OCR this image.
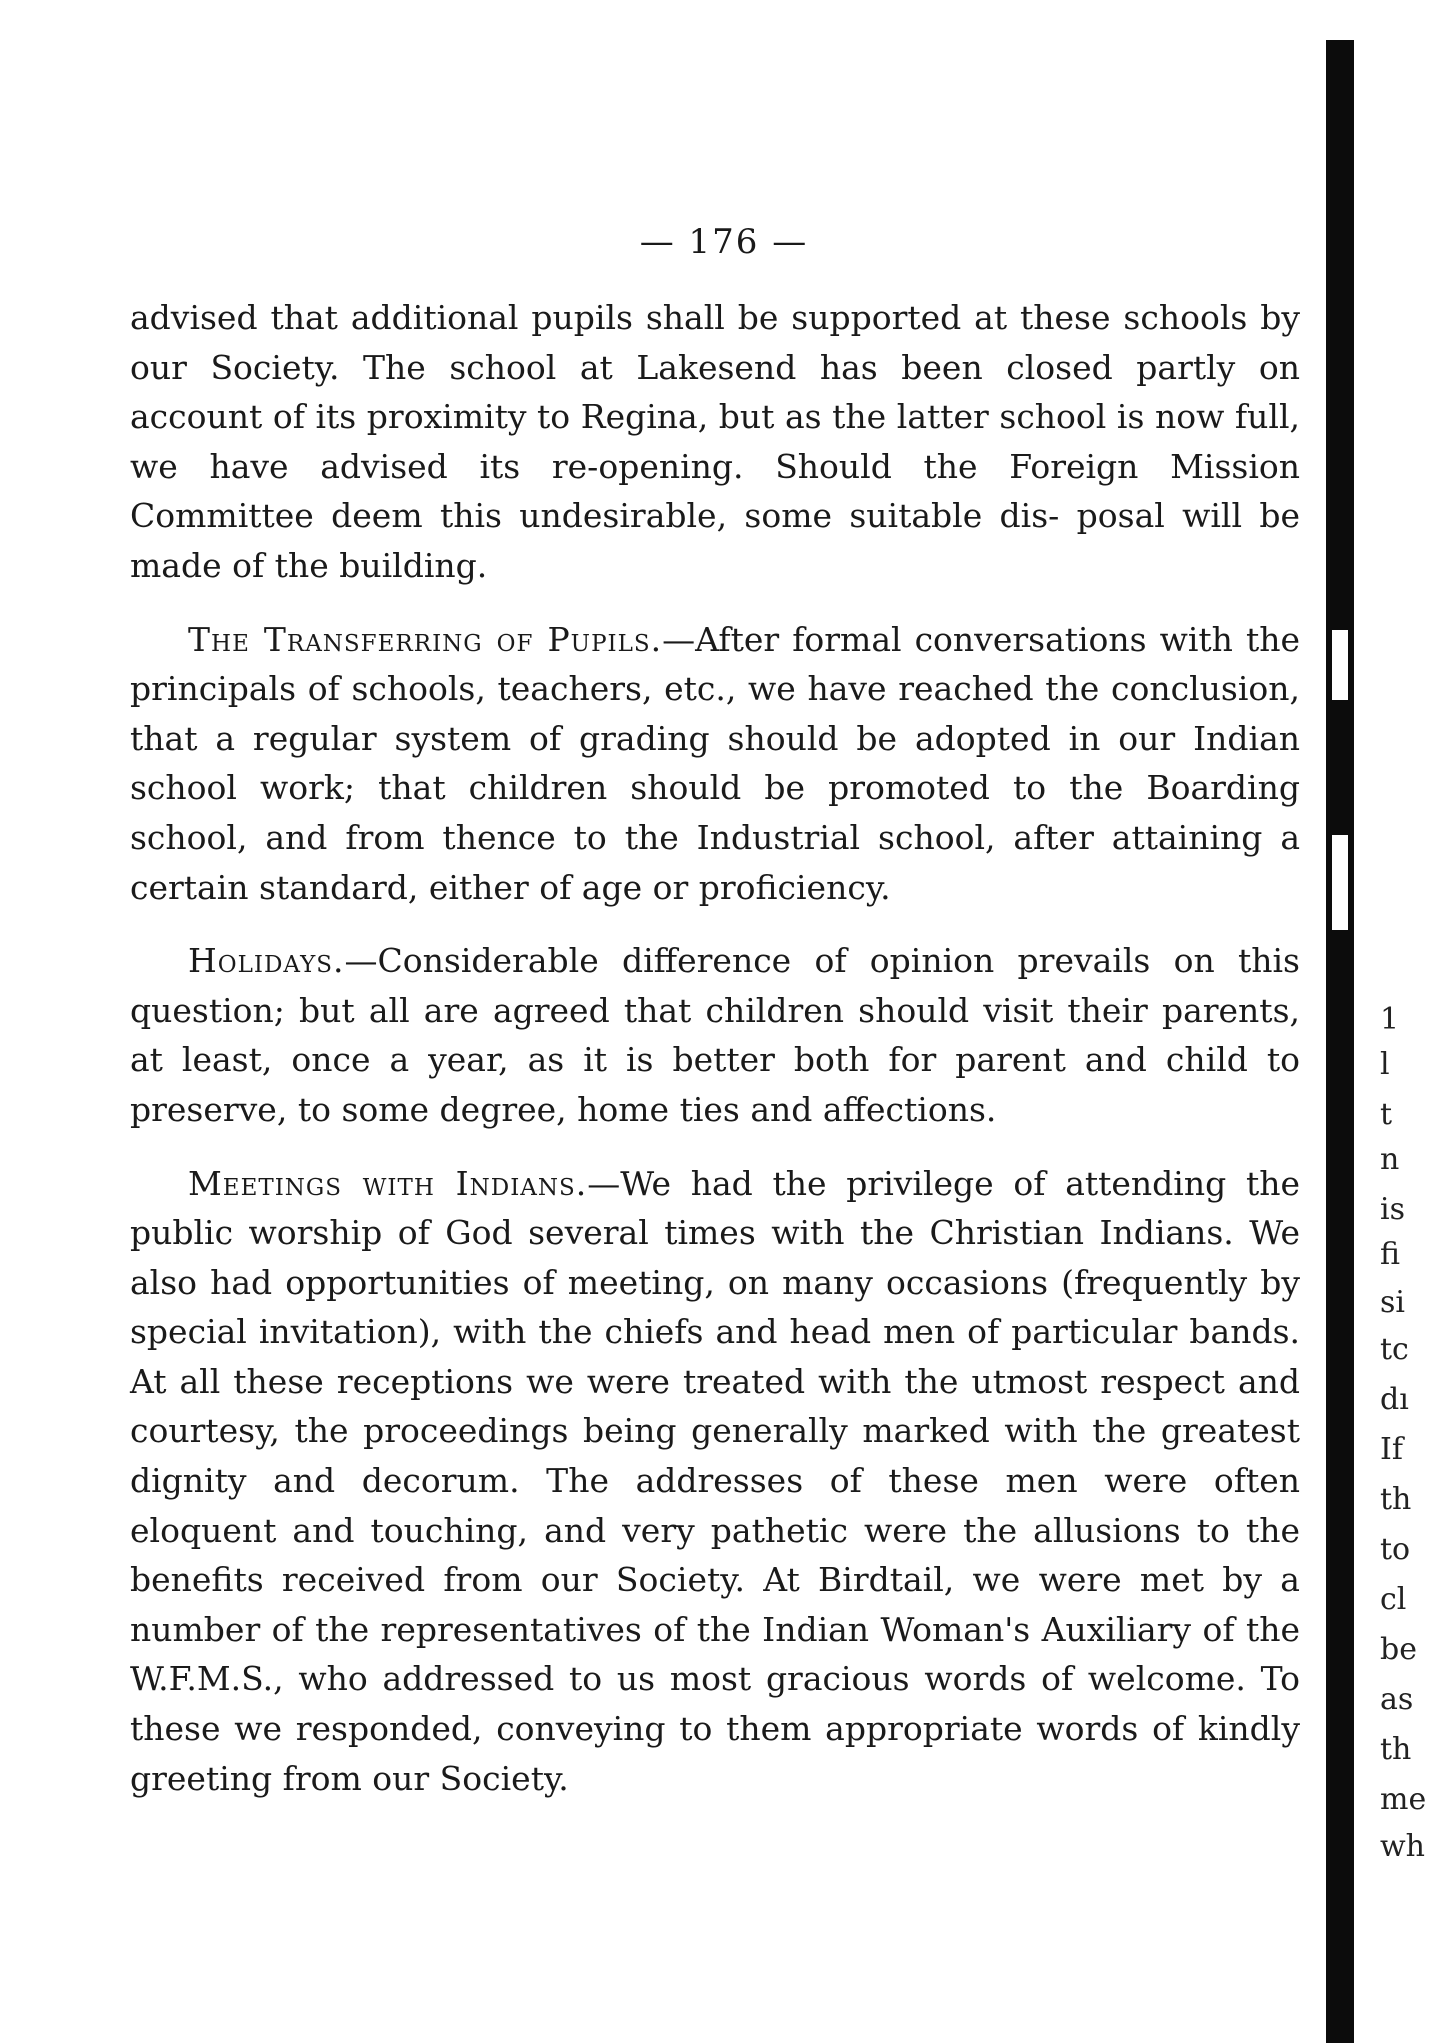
— 176 —

advised that additional pupils shall be supported at these schools by our Society. The school at Lakesend has been closed partly on account of its proximity to Regina, but as the latter school is now full, we have advised its re-opening. Should the Foreign Mission Committee deem this undesirable, some suitable dis- posal will be made of the building.

The Transferring of Pupils.—After formal conversations with the principals of schools, teachers, etc., we have reached the conclusion, that a regular system of grading should be adopted in our Indian school work; that children should be promoted to the Boarding school, and from thence to the Industrial school, after attaining a certain standard, either of age or proficiency.

Holidays.—Considerable difference of opinion prevails on this question; but all are agreed that children should visit their parents, at least, once a year, as it is better both for parent and child to preserve, to some degree, home ties and affections.

Meetings with Indians.—We had the privilege of attending the public worship of God several times with the Christian Indians. We also had opportunities of meeting, on many occasions (frequently by special invitation), with the chiefs and head men of particular bands. At all these receptions we were treated with the utmost respect and courtesy, the proceedings being generally marked with the greatest dignity and decorum. The addresses of these men were often eloquent and touching, and very pathetic were the allusions to the benefits received from our Society. At Birdtail, we were met by a number of the representatives of the Indian Woman's Auxiliary of the W.F.M.S., who addressed to us most gracious words of welcome. To these we responded, conveying to them appropriate words of kindly greeting from our Society.

1
l
t
n
is
fi
si
tc
dı
If
th
to
cl
be
as
th
me
wh
